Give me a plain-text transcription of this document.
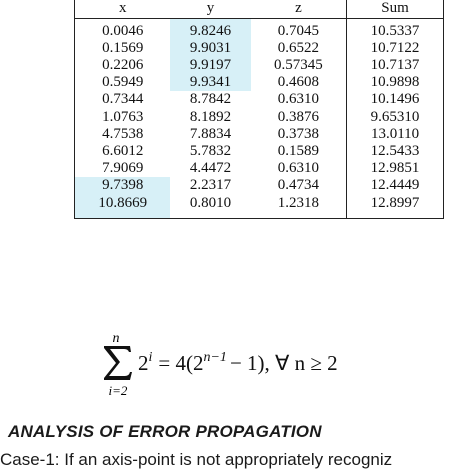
x	y	z	Sum
0.0046	9.8246	0.7045	10.5337
0.1569	9.9031	0.6522	10.7122
0.2206	9.9197	0.57345	10.7137
0.5949	9.9341	0.4608	10.9898
0.7344	8.7842	0.6310	10.1496
1.0763	8.1892	0.3876	9.65310
4.7538	7.8834	0.3738	13.0110
6.6012	5.7832	0.1589	12.5433
7.9069	4.4472	0.6310	12.9851
9.7398	2.2317	0.4734	12.4449
10.8669	0.8010	1.2318	12.8997
n
i=2
$2^i = 4(2^{n-1} - 1)$, ∀ n ≥ 2
ANALYSIS OF ERROR PROPAGATION
Case-1: If an axis-point is not appropriately recogniz
